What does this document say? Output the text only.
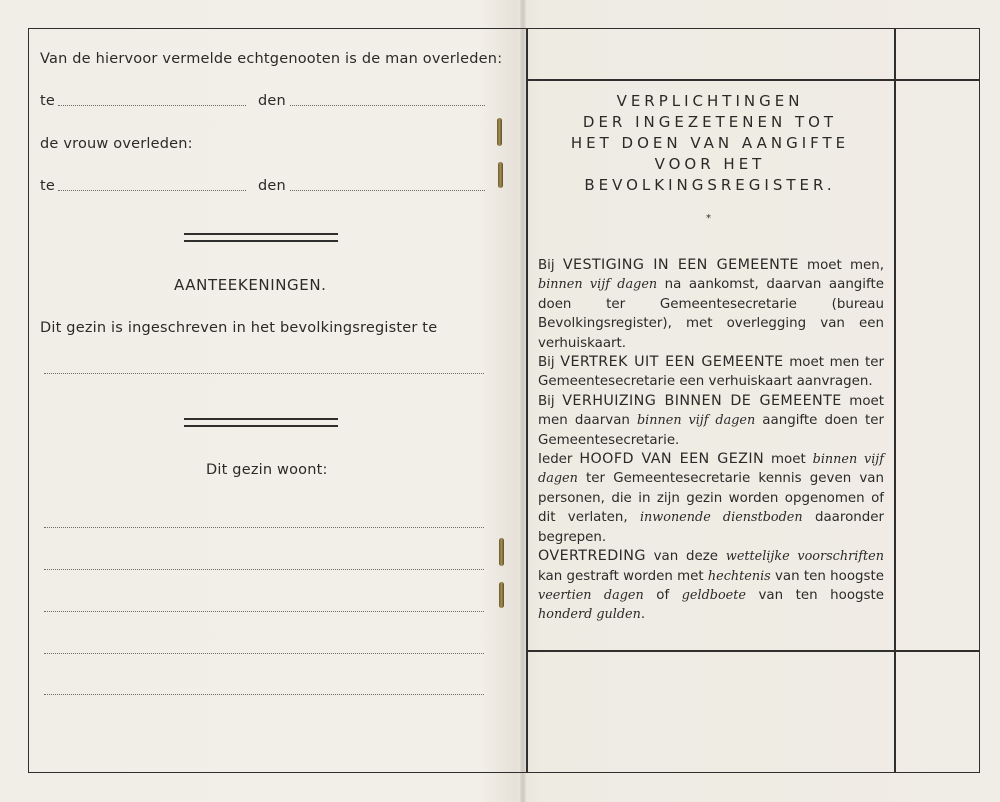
Van de hiervoor vermelde echtgenooten is de man overleden:
te	den
de vrouw overleden:
te	den
AANTEEKENINGEN.
Dit gezin is ingeschreven in het bevolkingsregister te
Dit gezin woont:
VERPLICHTINGEN
DER INGEZETENEN TOT
HET DOEN VAN AANGIFTE
VOOR HET
BEVOLKINGSREGISTER.
*

Bij VESTIGING IN EEN GEMEENTE moet men, binnen vijf dagen na aankomst, daarvan aangifte doen ter Gemeentesecretarie (bureau Bevolkingsregister), met overlegging van een verhuiskaart.

Bij VERTREK UIT EEN GEMEENTE moet men ter Gemeentesecretarie een verhuiskaart aanvragen.

Bij VERHUIZING BINNEN DE GEMEENTE moet men daarvan binnen vijf dagen aangifte doen ter Gemeentesecretarie.

Ieder HOOFD VAN EEN GEZIN moet binnen vijf dagen ter Gemeentesecretarie kennis geven van personen, die in zijn gezin worden opgenomen of dit verlaten, inwonende dienstboden daaronder begrepen.

OVERTREDING van deze wettelijke voorschriften kan gestraft worden met hechtenis van ten hoogste veertien dagen of geldboete van ten hoogste honderd gulden.
